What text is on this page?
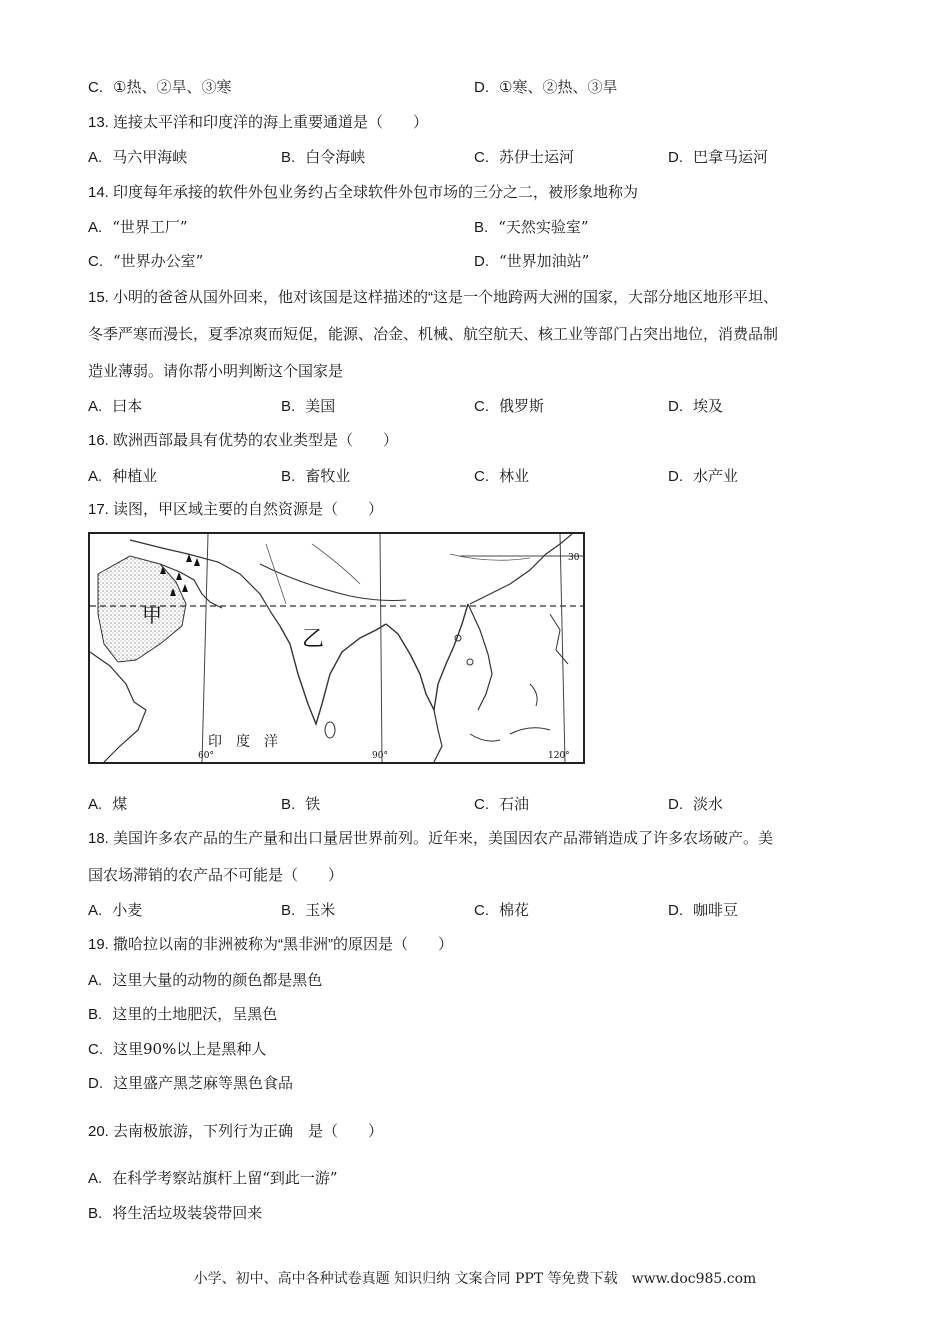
C. ①热、②旱、③寒	D. ①寒、②热、③旱
13. 连接太平洋和印度洋的海上重要通道是（　　）
A. 马六甲海峡	B. 白令海峡	C. 苏伊士运河	D. 巴拿马运河
14. 印度每年承接的软件外包业务约占全球软件外包市场的三分之二，被形象地称为
A. “世界工厂”	B. “天然实验室”
C. “世界办公室”	D. “世界加油站”
15. 小明的爸爸从国外回来，他对该国是这样描述的“这是一个地跨两大洲的国家，大部分地区地形平坦、
冬季严寒而漫长，夏季凉爽而短促，能源、冶金、机械、航空航天、核工业等部门占突出地位，消费品制
造业薄弱。请你帮小明判断这个国家是
A. 曰本	B. 美国	C. 俄罗斯	D. 埃及
16. 欧洲西部最具有优势的农业类型是（　　）
A. 种植业	B. 畜牧业	C. 林业	D. 水产业
17. 读图，甲区域主要的自然资源是（　　）
甲
乙
印　度　洋
60°	90°	120°
30
A. 煤	B. 铁	C. 石油	D. 淡水
18. 美国许多农产品的生产量和出口量居世界前列。近年来，美国因农产品滞销造成了许多农场破产。美
国农场滞销的农产品不可能是（　　）
A. 小麦	B. 玉米	C. 棉花	D. 咖啡豆
19. 撒哈拉以南的非洲被称为“黑非洲”的原因是（　　）
A. 这里大量的动物的颜色都是黑色
B. 这里的土地肥沃，呈黑色
C. 这里90%以上是黑种人
D. 这里盛产黑芝麻等黑色食品
20. 去南极旅游，下列行为正确　是（　　）
A. 在科学考察站旗杆上留“到此一游”
B. 将生活垃圾装袋带回来
小学、初中、高中各种试卷真题 知识归纳 文案合同 PPT 等免费下载　www.doc985.com
